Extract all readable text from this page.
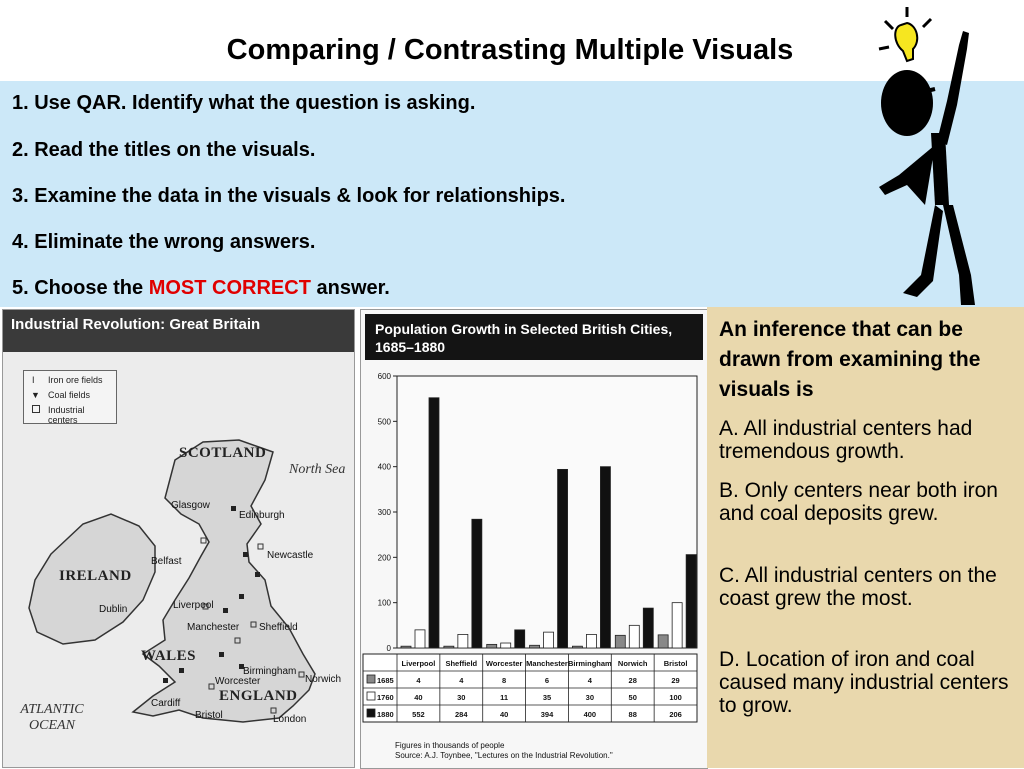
Comparing / Contrasting Multiple Visuals
1. Use QAR. Identify what the question is asking.
2. Read the titles on the visuals.
3. Examine the data in the visuals & look for relationships.
4. Eliminate the wrong answers.
5. Choose the MOST CORRECT answer.
Industrial Revolution: Great Britain
I Iron ore fields
▼ Coal fields
Industrial centers
SCOTLAND
IRELAND
WALES
ENGLAND
North Sea
ATLANTIC OCEAN
Glasgow
Edinburgh
Newcastle
Belfast
Dublin	Liverpool
Manchester Sheffield
Birmingham
Worcester	Norwich
Cardiff
Bristol	London
Population Growth in Selected British Cities, 1685–1880
0
100
200
300
400
500
600
Liverpool Sheffield Worcester Manchester Birmingham Norwich Bristol
1685	4	4	8	6	4	28	29
1760	40	30	11	35	30	50	100
1880 552	284	40	394	400	88	206
Figures in thousands of people
Source: A.J. Toynbee, "Lectures on the Industrial Revolution."
An inference that can be drawn from examining the visuals is
A. All industrial centers had tremendous growth.
B. Only centers near both iron and coal deposits grew.
C. All industrial centers on the coast grew the most.
D. Location of iron and coal caused many industrial centers to grow.
